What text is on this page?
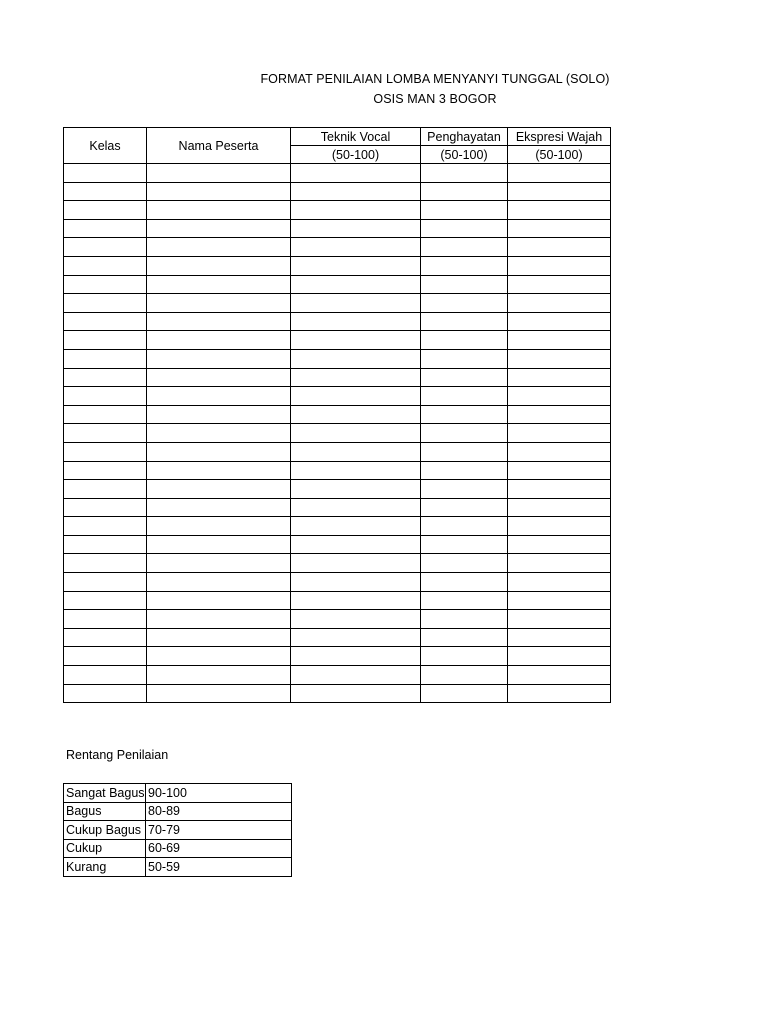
FORMAT PENILAIAN LOMBA MENYANYI TUNGGAL (SOLO)
OSIS MAN 3 BOGOR
Kelas	Nama Peserta	Teknik Vocal	Penghayatan	Ekspresi Wajah
		(50-100)	(50-100)	(50-100)

Rentang Penilaian
Sangat Bagus	90-100
Bagus	80-89
Cukup Bagus	70-79
Cukup	60-69
Kurang	50-59
